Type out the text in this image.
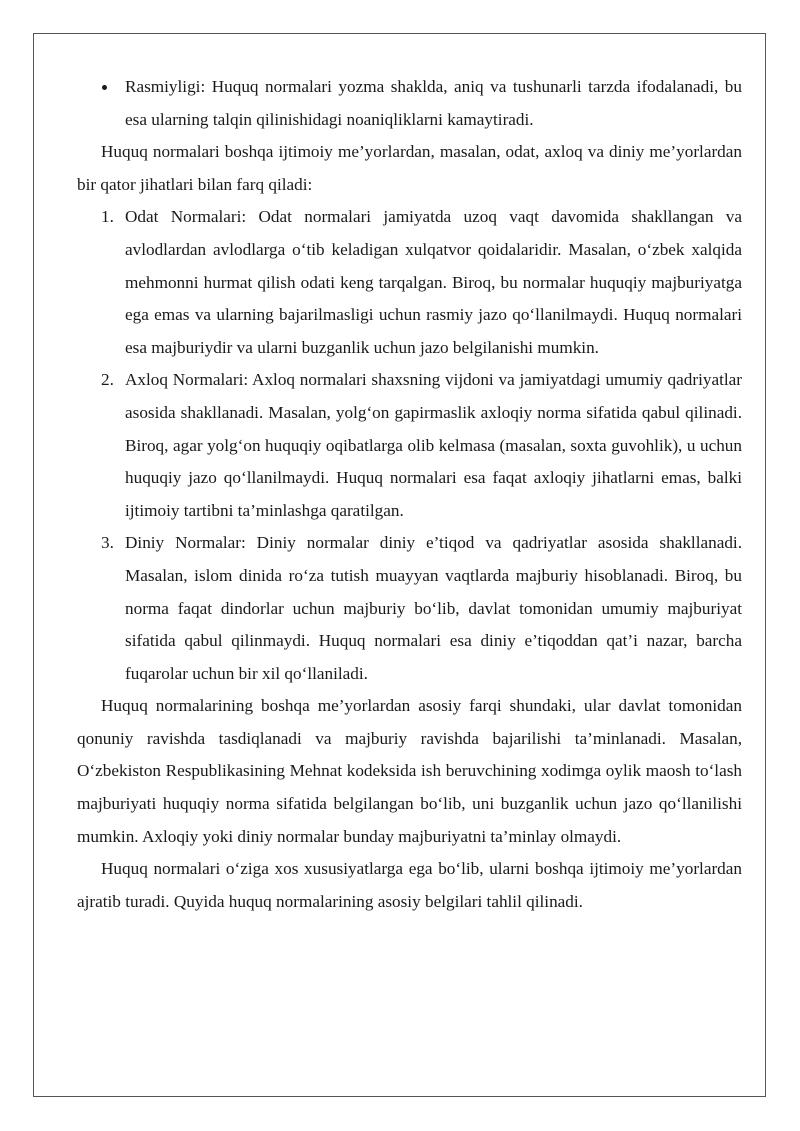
Rasmiyligi: Huquq normalari yozma shaklda, aniq va tushunarli tarzda ifodalanadi, bu esa ularning talqin qilinishidagi noaniqliklarni kamaytiradi.

Huquq normalari boshqa ijtimoiy me’yorlardan, masalan, odat, axloq va diniy me’yorlardan bir qator jihatlari bilan farq qiladi:

1. Odat Normalari: Odat normalari jamiyatda uzoq vaqt davomida shakllangan va avlodlardan avlodlarga o‘tib keladigan xulqatvor qoidalaridir. Masalan, o‘zbek xalqida mehmonni hurmat qilish odati keng tarqalgan. Biroq, bu normalar huquqiy majburiyatga ega emas va ularning bajarilmasligi uchun rasmiy jazo qo‘llanilmaydi. Huquq normalari esa majburiydir va ularni buzganlik uchun jazo belgilanishi mumkin.
2. Axloq Normalari: Axloq normalari shaxsning vijdoni va jamiyatdagi umumiy qadriyatlar asosida shakllanadi. Masalan, yolg‘on gapirmaslik axloqiy norma sifatida qabul qilinadi. Biroq, agar yolg‘on huquqiy oqibatlarga olib kelmasa (masalan, soxta guvohlik), u uchun huquqiy jazo qo‘llanilmaydi. Huquq normalari esa faqat axloqiy jihatlarni emas, balki ijtimoiy tartibni ta’minlashga qaratilgan.
3. Diniy Normalar: Diniy normalar diniy e’tiqod va qadriyatlar asosida shakllanadi. Masalan, islom dinida ro‘za tutish muayyan vaqtlarda majburiy hisoblanadi. Biroq, bu norma faqat dindorlar uchun majburiy bo‘lib, davlat tomonidan umumiy majburiyat sifatida qabul qilinmaydi. Huquq normalari esa diniy e’tiqoddan qat’i nazar, barcha fuqarolar uchun bir xil qo‘llaniladi.

Huquq normalarining boshqa me’yorlardan asosiy farqi shundaki, ular davlat tomonidan qonuniy ravishda tasdiqlanadi va majburiy ravishda bajarilishi ta’minlanadi. Masalan, O‘zbekiston Respublikasining Mehnat kodeksida ish beruvchining xodimga oylik maosh to‘lash majburiyati huquqiy norma sifatida belgilangan bo‘lib, uni buzganlik uchun jazo qo‘llanilishi mumkin. Axloqiy yoki diniy normalar bunday majburiyatni ta’minlay olmaydi.

Huquq normalari o‘ziga xos xususiyatlarga ega bo‘lib, ularni boshqa ijtimoiy me’yorlardan ajratib turadi. Quyida huquq normalarining asosiy belgilari tahlil qilinadi.
